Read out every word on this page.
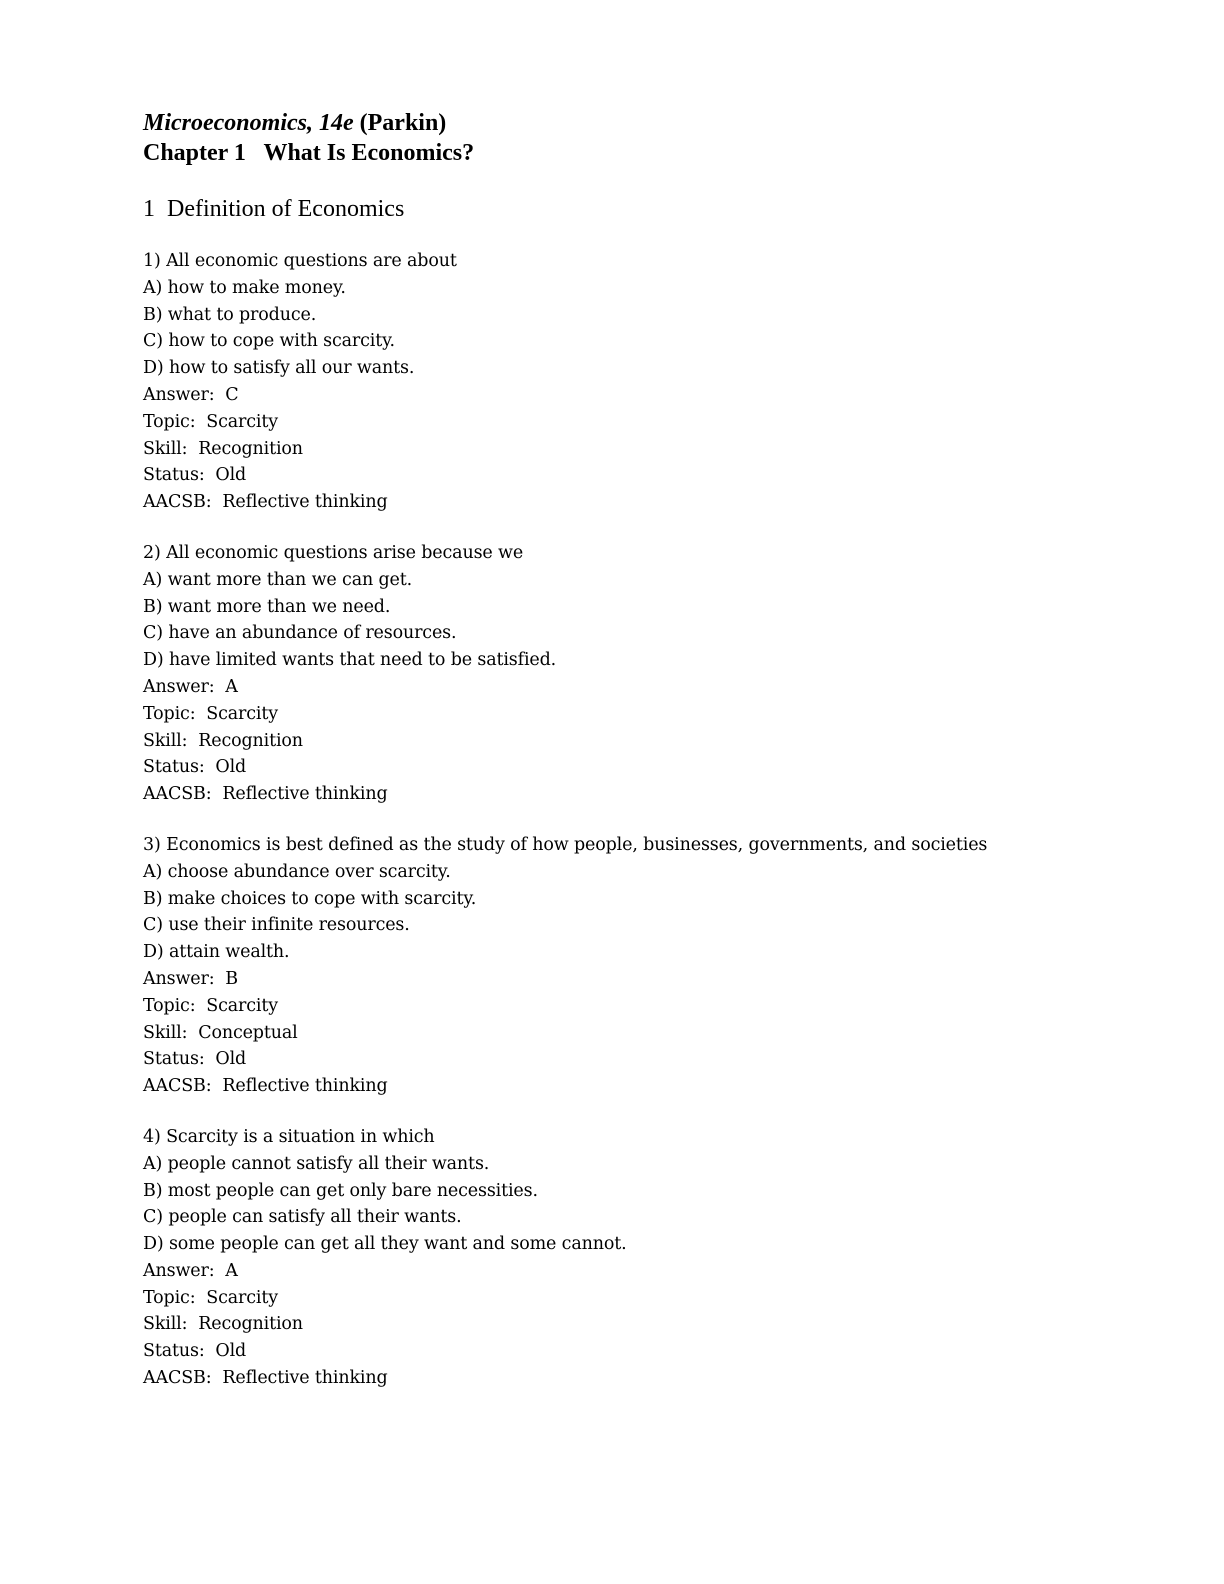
Microeconomics, 14e (Parkin)
Chapter 1   What Is Economics?
1  Definition of Economics
1) All economic questions are about
A) how to make money.
B) what to produce.
C) how to cope with scarcity.
D) how to satisfy all our wants.
Answer:  C
Topic:  Scarcity
Skill:  Recognition
Status:  Old
AACSB:  Reflective thinking
2) All economic questions arise because we
A) want more than we can get.
B) want more than we need.
C) have an abundance of resources.
D) have limited wants that need to be satisfied.
Answer:  A
Topic:  Scarcity
Skill:  Recognition
Status:  Old
AACSB:  Reflective thinking
3) Economics is best defined as the study of how people, businesses, governments, and societies
A) choose abundance over scarcity.
B) make choices to cope with scarcity.
C) use their infinite resources.
D) attain wealth.
Answer:  B
Topic:  Scarcity
Skill:  Conceptual
Status:  Old
AACSB:  Reflective thinking
4) Scarcity is a situation in which
A) people cannot satisfy all their wants.
B) most people can get only bare necessities.
C) people can satisfy all their wants.
D) some people can get all they want and some cannot.
Answer:  A
Topic:  Scarcity
Skill:  Recognition
Status:  Old
AACSB:  Reflective thinking
